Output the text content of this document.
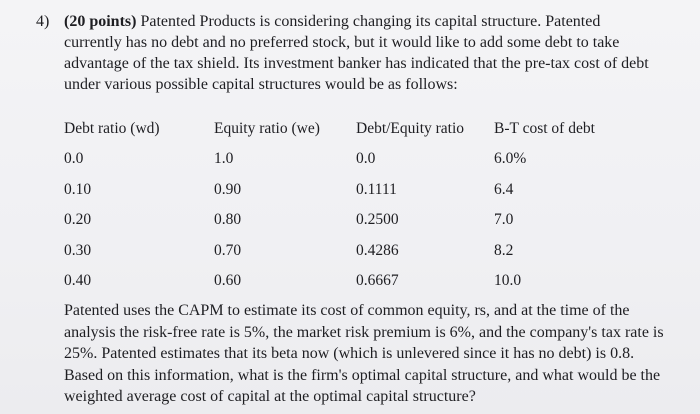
4) (20 points) Patented Products is considering changing its capital structure. Patented currently has no debt and no preferred stock, but it would like to add some debt to take advantage of the tax shield. Its investment banker has indicated that the pre-tax cost of debt under various possible capital structures would be as follows:

Debt ratio (wd)	Equity ratio (we)	Debt/Equity ratio	B-T cost of debt
0.0	1.0	0.0	6.0%
0.10	0.90	0.1111	6.4
0.20	0.80	0.2500	7.0
0.30	0.70	0.4286	8.2
0.40	0.60	0.6667	10.0

Patented uses the CAPM to estimate its cost of common equity, rs, and at the time of the analysis the risk-free rate is 5%, the market risk premium is 6%, and the company's tax rate is 25%. Patented estimates that its beta now (which is unlevered since it has no debt) is 0.8. Based on this information, what is the firm's optimal capital structure, and what would be the weighted average cost of capital at the optimal capital structure?
